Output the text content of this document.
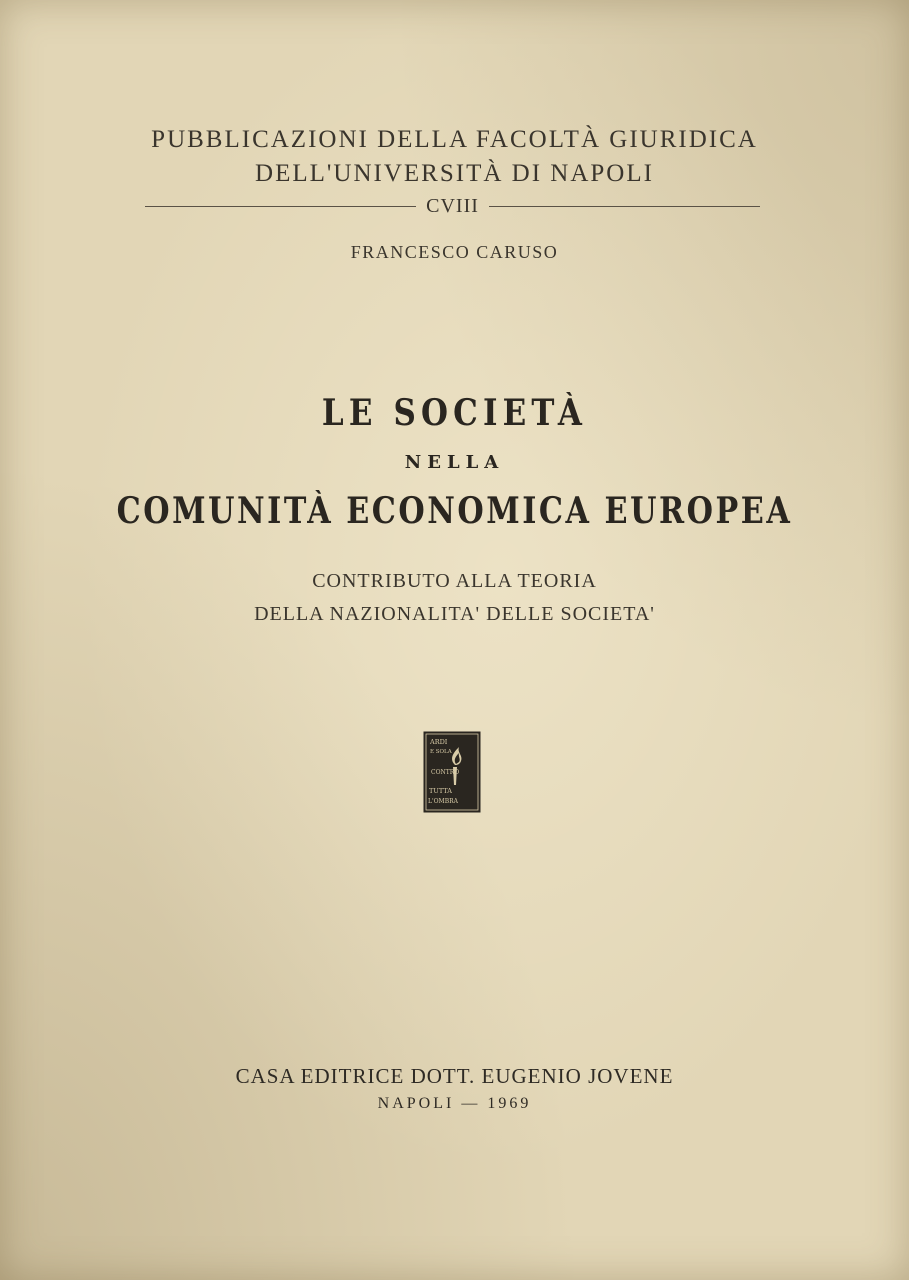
PUBBLICAZIONI DELLA FACOLTÀ GIURIDICA
DELL'UNIVERSITÀ DI NAPOLI
CVIII
FRANCESCO CARUSO
LE SOCIETÀ
NELLA
COMUNITÀ ECONOMICA EUROPEA
CONTRIBUTO ALLA TEORIA
DELLA NAZIONALITA' DELLE SOCIETA'
ARDI
E SOLA
CONTRO
TUTTA
L'OMBRA
CASA EDITRICE DOTT. EUGENIO JOVENE
NAPOLI — 1969
